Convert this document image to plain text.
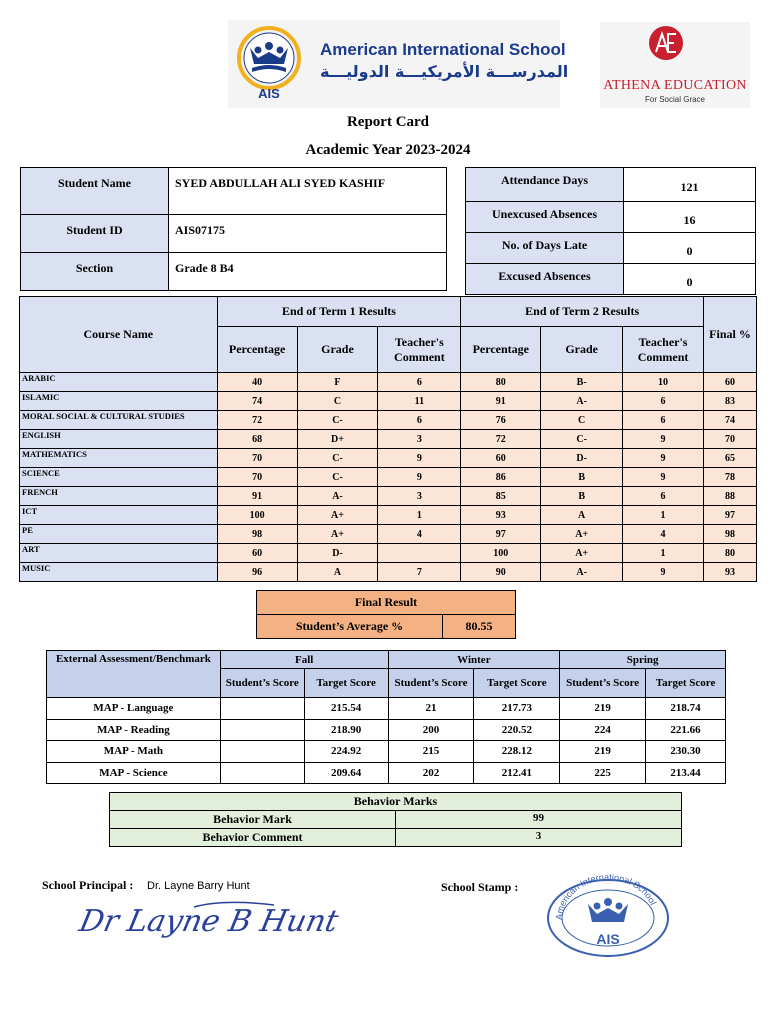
AIS
American International School
المدرســـة الأمريكيـــة الدوليـــة
ATHENA EDUCATION
For Social Grace
Report Card
Academic Year 2023-2024
Student Name	SYED ABDULLAH ALI SYED KASHIF
Student ID	AIS07175
Section	Grade 8 B4
Attendance Days	121
Unexcused Absences	16
No. of Days Late	0
Excused Absences	0
Course Name	End of Term 1 Results			End of Term 2 Results			Final %
	Percentage	Grade	Teacher's Comment	Percentage	Grade	Teacher's Comment	
ARABIC	40	F	6	80	B-	10	60
ISLAMIC	74	C	11	91	A-	6	83
MORAL SOCIAL & CULTURAL STUDIES	72	C-	6	76	C	6	74
ENGLISH	68	D+	3	72	C-	9	70
MATHEMATICS	70	C-	9	60	D-	9	65
SCIENCE	70	C-	9	86	B	9	78
FRENCH	91	A-	3	85	B	6	88
ICT	100	A+	1	93	A	1	97
PE	98	A+	4	97	A+	4	98
ART	60	D-		100	A+	1	80
MUSIC	96	A	7	90	A-	9	93
Final Result
Student’s Average %	80.55
External Assessment/Benchmark	Fall		Winter		Spring	
	Student’s Score	Target Score	Student’s Score	Target Score	Student’s Score	Target Score
MAP - Language		215.54	21	217.73	219	218.74
MAP - Reading		218.90	200	220.52	224	221.66
MAP - Math		224.92	215	228.12	219	230.30
MAP - Science		209.64	202	212.41	225	213.44
Behavior Marks	
Behavior Mark	99
Behavior Comment	3
School Principal : Dr. Layne Barry Hunt
Dr Layne B Hunt
School Stamp :
American International School
AIS
